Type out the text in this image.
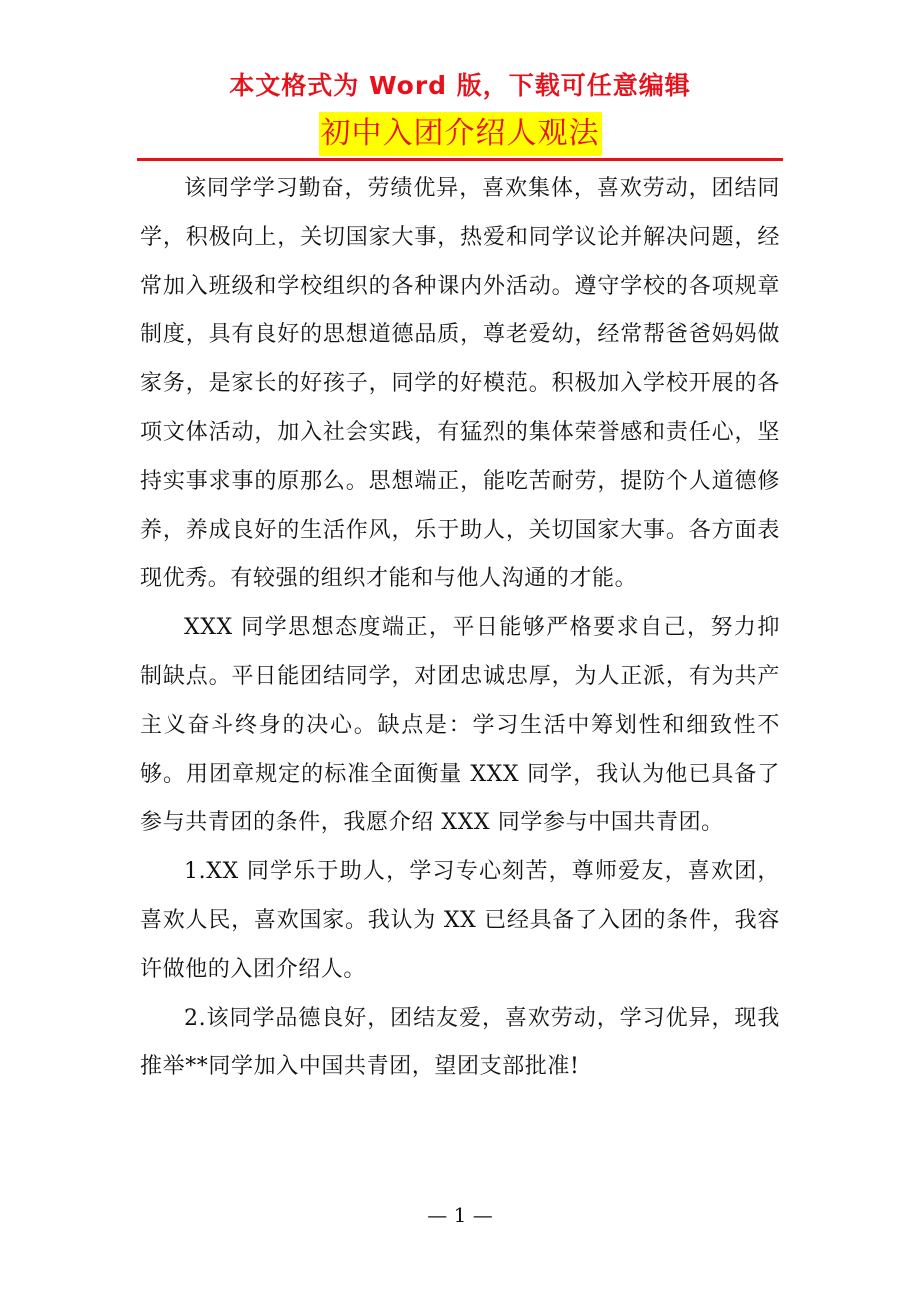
本文格式为 Word 版，下载可任意编辑
初中入团介绍人观法

该同学学习勤奋，劳绩优异，喜欢集体，喜欢劳动，团结同学，积极向上，关切国家大事，热爱和同学议论并解决问题，经常加入班级和学校组织的各种课内外活动。遵守学校的各项规章制度，具有良好的思想道德品质，尊老爱幼，经常帮爸爸妈妈做家务，是家长的好孩子，同学的好模范。积极加入学校开展的各项文体活动，加入社会实践，有猛烈的集体荣誉感和责任心，坚持实事求事的原那么。思想端正，能吃苦耐劳，提防个人道德修养，养成良好的生活作风，乐于助人，关切国家大事。各方面表现优秀。有较强的组织才能和与他人沟通的才能。

XXX 同学思想态度端正，平日能够严格要求自己，努力抑制缺点。平日能团结同学，对团忠诚忠厚，为人正派，有为共产主义奋斗终身的决心。缺点是：学习生活中筹划性和细致性不够。用团章规定的标准全面衡量 XXX 同学，我认为他已具备了参与共青团的条件，我愿介绍 XXX 同学参与中国共青团。

1.XX 同学乐于助人，学习专心刻苦，尊师爱友，喜欢团，喜欢人民，喜欢国家。我认为 XX 已经具备了入团的条件，我容许做他的入团介绍人。

2.该同学品德良好，团结友爱，喜欢劳动，学习优异，现我推举**同学加入中国共青团，望团支部批准!

— 1 —
